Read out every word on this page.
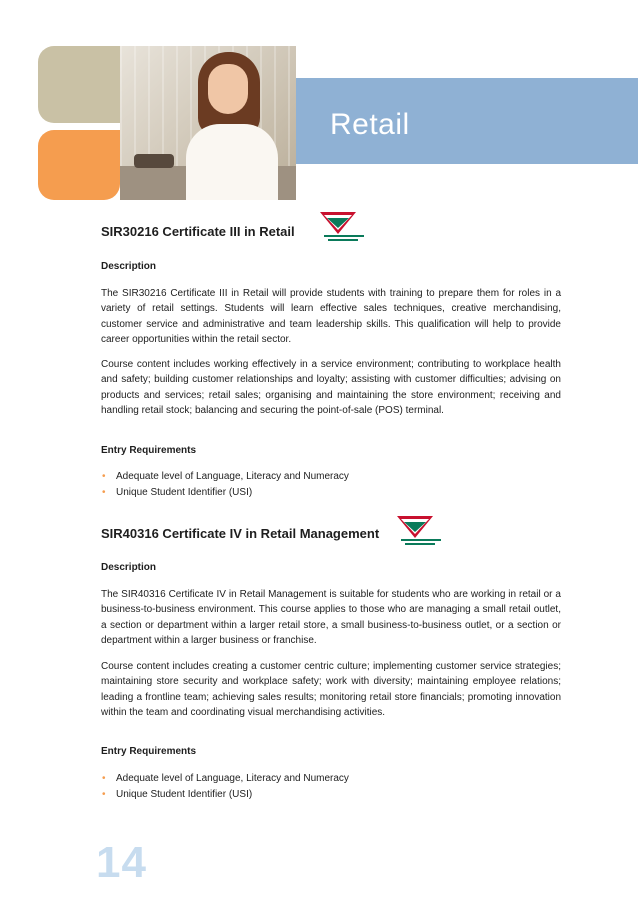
Retail
SIR30216 Certificate III in Retail
Description

The SIR30216 Certificate III in Retail will provide students with training to prepare them for roles in a variety of retail settings. Students will learn effective sales techniques, creative merchandising, customer service and administrative and team leadership skills. This qualification will help to provide career opportunities within the retail sector.

Course content includes working effectively in a service environment; contributing to workplace health and safety; building customer relationships and loyalty; assisting with customer difficulties; advising on products and services; retail sales; organising and maintaining the store environment; receiving and handling retail stock; balancing and securing the point-of-sale (POS) terminal.

Entry Requirements
• Adequate level of Language, Literacy and Numeracy
• Unique Student Identifier (USI)
SIR40316 Certificate IV in Retail Management
Description

The SIR40316 Certificate IV in Retail Management is suitable for students who are working in retail or a business-to-business environment. This course applies to those who are managing a small retail outlet, a section or department within a larger retail store, a small business-to-business outlet, or a section or department within a larger business or franchise.

Course content includes creating a customer centric culture; implementing customer service strategies; maintaining store security and workplace safety; work with diversity; maintaining employee relations; leading a frontline team; achieving sales results; monitoring retail store financials; promoting innovation within the team and coordinating visual merchandising activities.

Entry Requirements
• Adequate level of Language, Literacy and Numeracy
• Unique Student Identifier (USI)
14
